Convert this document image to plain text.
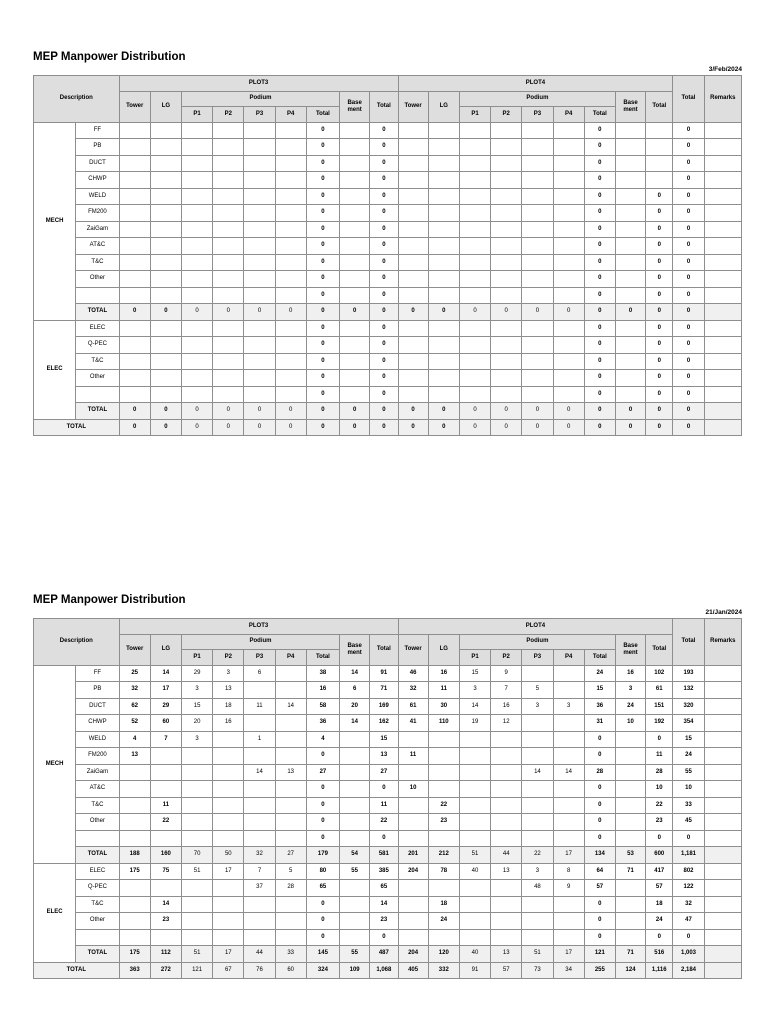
MEP Manpower Distribution
3/Feb/2024
Description		PLOT3									PLOT4									Total	Remarks
		Tower	LG	Podium					Base ment	Total	Tower	LG	Podium					Base ment	Total		
				P1	P2	P3	P4	Total					P1	P2	P3	P4	Total				
MECH	FF							0		0							0			0	
	PB							0		0							0			0	
	DUCT							0		0							0			0	
	CHWP							0		0							0			0	
	WELD							0		0							0		0	0	
	FM200							0		0							0		0	0	
	ZaiGam							0		0							0		0	0	
	AT&C							0		0							0		0	0	
	T&C							0		0							0		0	0	
	Other							0		0							0		0	0	
								0		0							0		0	0	
	TOTAL	0	0	0	0	0	0	0	0	0	0	0	0	0	0	0	0	0	0	0	
ELEC	ELEC							0		0							0		0	0	
	Q-PEC							0		0							0		0	0	
	T&C							0		0							0		0	0	
	Other							0		0							0		0	0	
								0		0							0		0	0	
	TOTAL	0	0	0	0	0	0	0	0	0	0	0	0	0	0	0	0	0	0	0	
TOTAL		0	0	0	0	0	0	0	0	0	0	0	0	0	0	0	0	0	0	0	
MEP Manpower Distribution
21/Jan/2024
Description		PLOT3									PLOT4									Total	Remarks
		Tower	LG	Podium					Base ment	Total	Tower	LG	Podium					Base ment	Total		
				P1	P2	P3	P4	Total					P1	P2	P3	P4	Total				
MECH	FF	25	14	29	3	6		38	14	91	46	16	15	9			24	16	102	193	
	PB	32	17	3	13			16	6	71	32	11	3	7	5		15	3	61	132	
	DUCT	62	29	15	18	11	14	58	20	169	61	30	14	16	3	3	36	24	151	320	
	CHWP	52	60	20	16			36	14	162	41	110	19	12			31	10	192	354	
	WELD	4	7	3		1		4		15							0		0	15	
	FM200	13						0		13	11						0		11	24	
	ZaiGam					14	13	27		27					14	14	28		28	55	
	AT&C							0		0	10						0		10	10	
	T&C		11					0		11		22					0		22	33	
	Other		22					0		22		23					0		23	45	
								0		0							0		0	0	
	TOTAL	188	160	70	50	32	27	179	54	581	201	212	51	44	22	17	134	53	600	1,181	
ELEC	ELEC	175	75	51	17	7	5	80	55	385	204	78	40	13	3	8	64	71	417	802	
	Q-PEC					37	28	65		65					48	9	57		57	122	
	T&C		14					0		14		18					0		18	32	
	Other		23					0		23		24					0		24	47	
								0		0							0		0	0	
	TOTAL	175	112	51	17	44	33	145	55	487	204	120	40	13	51	17	121	71	516	1,003	
TOTAL		363	272	121	67	76	60	324	109	1,068	405	332	91	57	73	34	255	124	1,116	2,184	
